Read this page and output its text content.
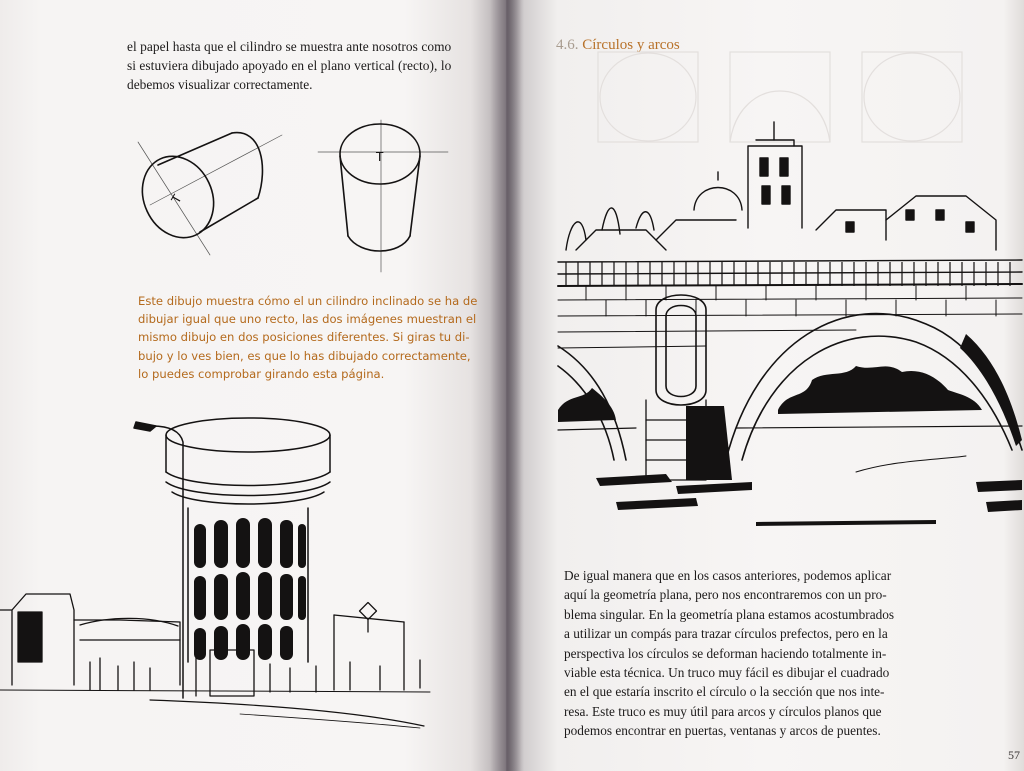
el papel hasta que el cilindro se muestra ante nosotros como
si estuviera dibujado apoyado en el plano vertical (recto), lo
debemos visualizar correctamente.
T
T
Este dibujo muestra cómo el un cilindro inclinado se ha de
dibujar igual que uno recto, las dos imágenes muestran el
mismo dibujo en dos posiciones diferentes. Si giras tu di-
bujo y lo ves bien, es que lo has dibujado correctamente,
lo puedes comprobar girando esta página.
4.6. Círculos y arcos
De igual manera que en los casos anteriores, podemos aplicar
aquí la geometría plana, pero nos encontraremos con un pro-
blema singular. En la geometría plana estamos acostumbrados
a utilizar un compás para trazar círculos prefectos, pero en la
perspectiva los círculos se deforman haciendo totalmente in-
viable esta técnica. Un truco muy fácil es dibujar el cuadrado
en el que estaría inscrito el círculo o la sección que nos inte-
resa. Este truco es muy útil para arcos y círculos planos que
podemos encontrar en puertas, ventanas y arcos de puentes.
57
